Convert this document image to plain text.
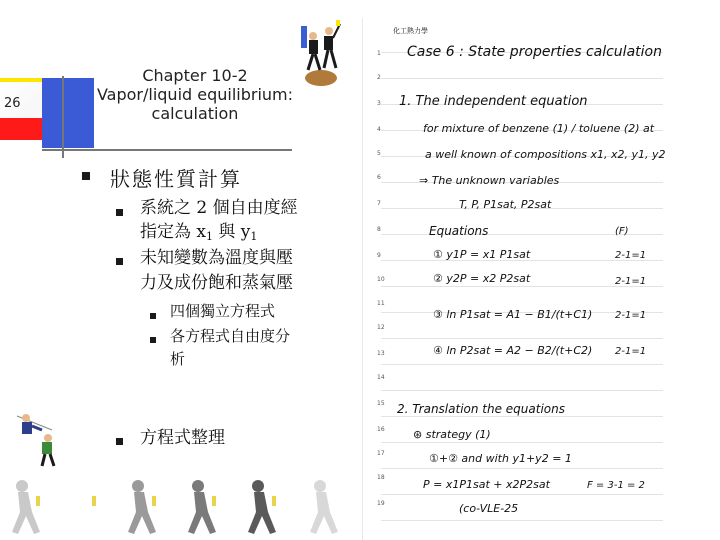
26
Chapter 10-2
Vapor/liquid equilibrium:
calculation
狀態性質計算
系統之 2 個自由度經
指定為 $x_1$ 與 $y_1$
未知變數為溫度與壓
力及成份飽和蒸氣壓
四個獨立方程式
各方程式自由度分
析
方程式整理
化工熱力學
1
2
3
4
5
6
7
8
9
10
11
12
13
14
15
16
17
18
19
Case 6 : State properties calculation
1. The independent equation
for mixture of benzene (1) / toluene (2) at
a well known of compositions x1, x2, y1, y2
⇒ The unknown variables
T, P, P1sat, P2sat
Equations	(F)
① y1P = x1 P1sat	2-1=1
② y2P = x2 P2sat	2-1=1
③ ln P1sat = A1 − B1/(t+C1) 2-1=1
④ ln P2sat = A2 − B2/(t+C2) 2-1=1
2. Translation the equations
⊛ strategy (1)
①+② and with y1+y2 = 1
P = x1P1sat + x2P2sat	F = 3-1 = 2
(co-VLE-25
